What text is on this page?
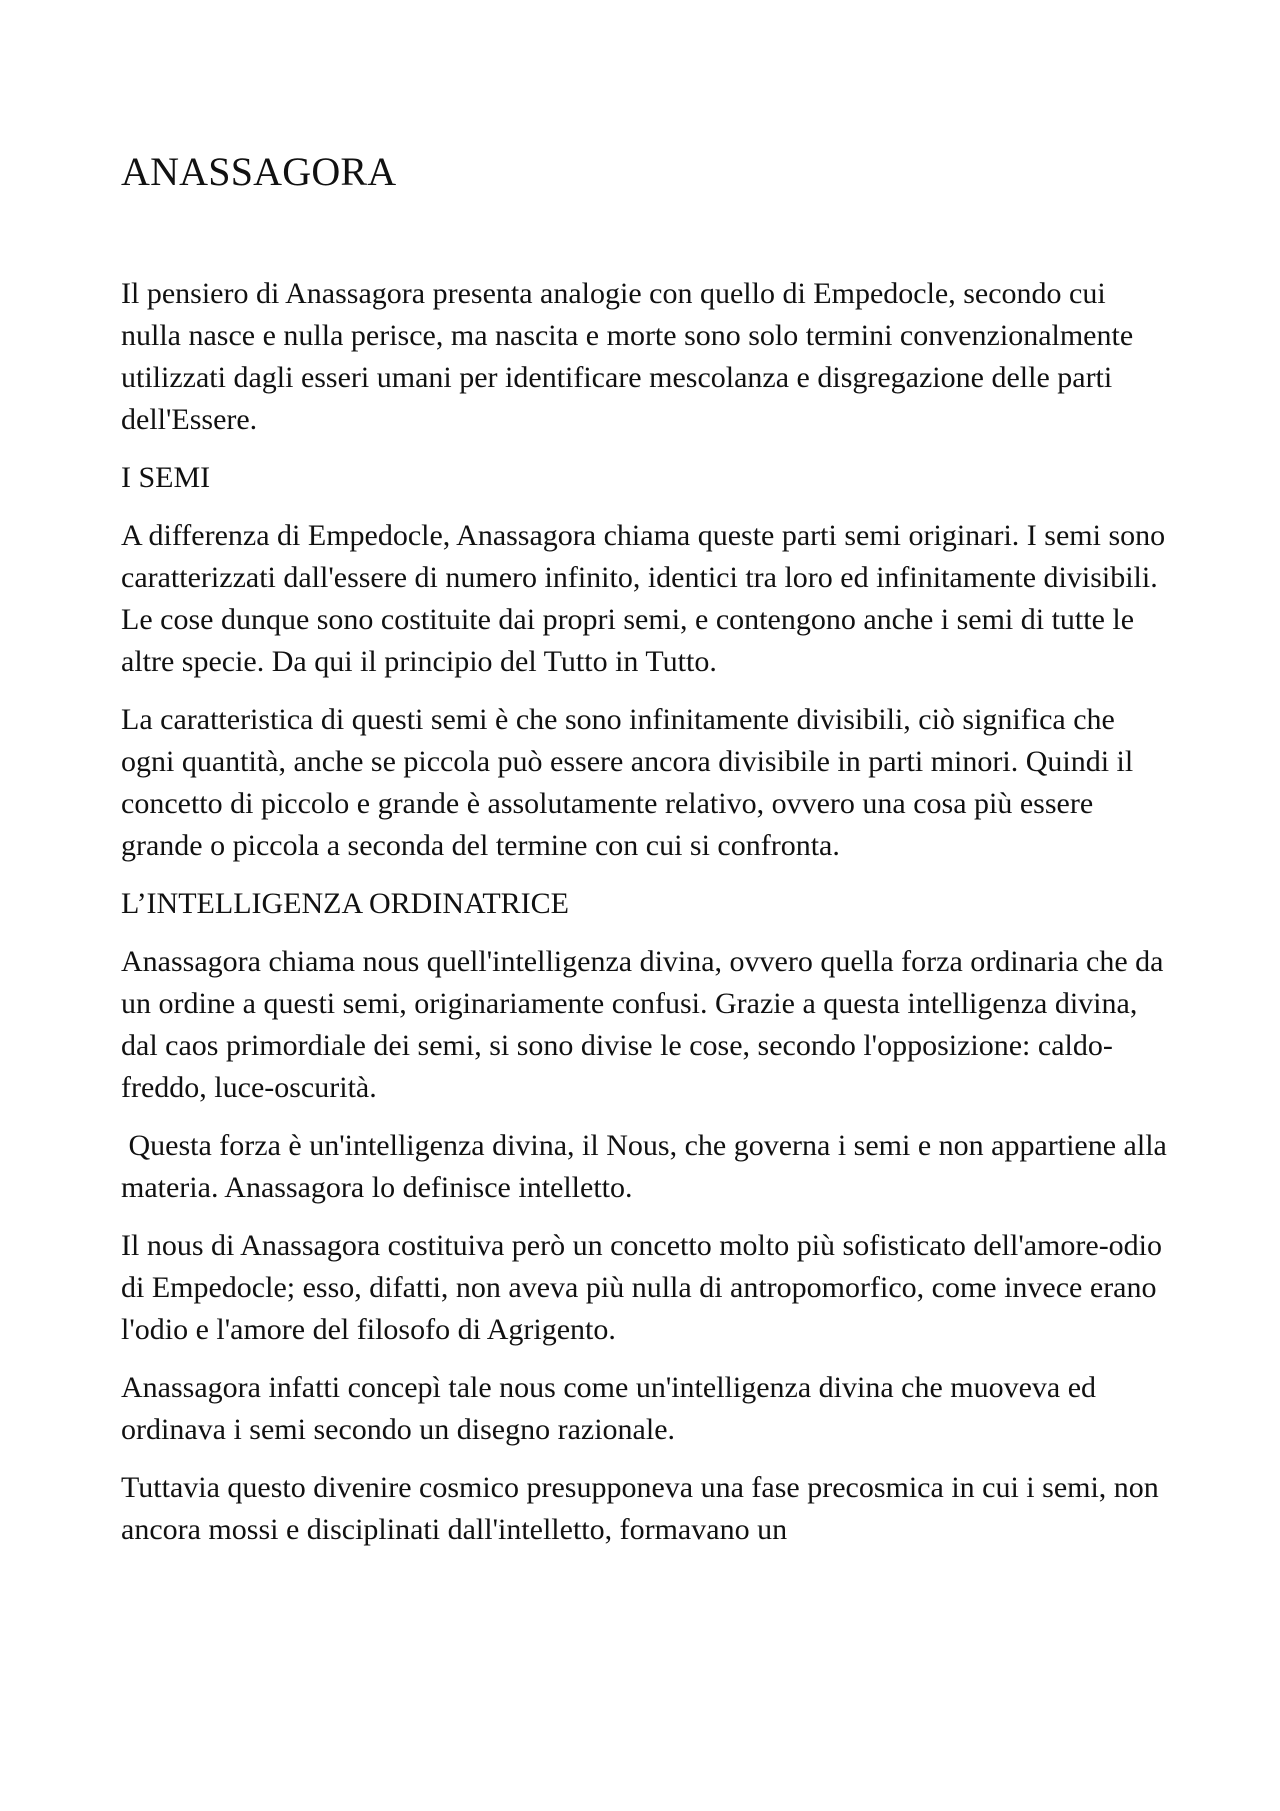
ANASSAGORA

Il pensiero di Anassagora presenta analogie con quello di Empedocle, secondo cui nulla nasce e nulla perisce, ma nascita e morte sono solo termini convenzionalmente utilizzati dagli esseri umani per identificare mescolanza e disgregazione delle parti dell'Essere.

I SEMI

A differenza di Empedocle, Anassagora chiama queste parti semi originari. I semi sono caratterizzati dall'essere di numero infinito, identici tra loro ed infinitamente divisibili. Le cose dunque sono costituite dai propri semi, e contengono anche i semi di tutte le altre specie. Da qui il principio del Tutto in Tutto.

La caratteristica di questi semi è che sono infinitamente divisibili, ciò significa che ogni quantità, anche se piccola può essere ancora divisibile in parti minori. Quindi il concetto di piccolo e grande è assolutamente relativo, ovvero una cosa più essere grande o piccola a seconda del termine con cui si confronta.

L’INTELLIGENZA ORDINATRICE

Anassagora chiama nous quell'intelligenza divina, ovvero quella forza ordinaria che da un ordine a questi semi, originariamente confusi. Grazie a questa intelligenza divina, dal caos primordiale dei semi, si sono divise le cose, secondo l'opposizione: caldo-freddo, luce-oscurità.

Questa forza è un'intelligenza divina, il Nous, che governa i semi e non appartiene alla materia. Anassagora lo definisce intelletto.

Il nous di Anassagora costituiva però un concetto molto più sofisticato dell'amore-odio di Empedocle; esso, difatti, non aveva più nulla di antropomorfico, come invece erano l'odio e l'amore del filosofo di Agrigento.

Anassagora infatti concepì tale nous come un'intelligenza divina che muoveva ed ordinava i semi secondo un disegno razionale.

Tuttavia questo divenire cosmico presupponeva una fase precosmica in cui i semi, non ancora mossi e disciplinati dall'intelletto, formavano un
